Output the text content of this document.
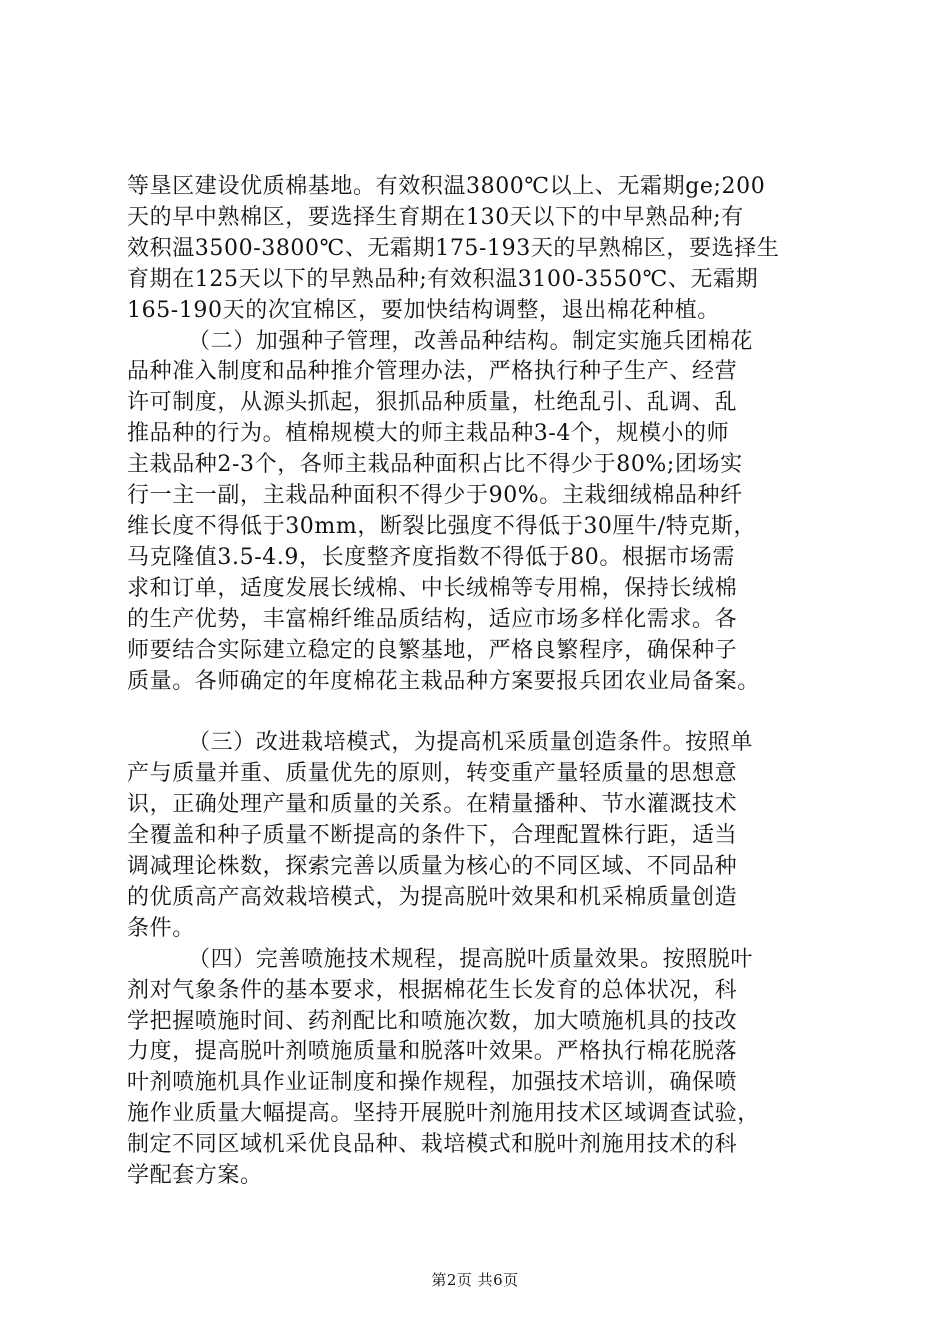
等垦区建设优质棉基地。有效积温3800℃以上、无霜期ge;200
天的早中熟棉区，要选择生育期在130天以下的中早熟品种;有
效积温3500-3800℃、无霜期175-193天的早熟棉区，要选择生
育期在125天以下的早熟品种;有效积温3100-3550℃、无霜期
165-190天的次宜棉区，要加快结构调整，退出棉花种植。
（二）加强种子管理，改善品种结构。制定实施兵团棉花
品种准入制度和品种推介管理办法，严格执行种子生产、经营
许可制度，从源头抓起，狠抓品种质量，杜绝乱引、乱调、乱
推品种的行为。植棉规模大的师主栽品种3-4个，规模小的师
主栽品种2-3个，各师主栽品种面积占比不得少于80%;团场实
行一主一副，主栽品种面积不得少于90%。主栽细绒棉品种纤
维长度不得低于30mm，断裂比强度不得低于30厘牛/特克斯，
马克隆值3.5-4.9，长度整齐度指数不得低于80。根据市场需
求和订单，适度发展长绒棉、中长绒棉等专用棉，保持长绒棉
的生产优势，丰富棉纤维品质结构，适应市场多样化需求。各
师要结合实际建立稳定的良繁基地，严格良繁程序，确保种子
质量。各师确定的年度棉花主栽品种方案要报兵团农业局备案。
（三）改进栽培模式，为提高机采质量创造条件。按照单
产与质量并重、质量优先的原则，转变重产量轻质量的思想意
识，正确处理产量和质量的关系。在精量播种、节水灌溉技术
全覆盖和种子质量不断提高的条件下，合理配置株行距，适当
调减理论株数，探索完善以质量为核心的不同区域、不同品种
的优质高产高效栽培模式，为提高脱叶效果和机采棉质量创造
条件。
（四）完善喷施技术规程，提高脱叶质量效果。按照脱叶
剂对气象条件的基本要求，根据棉花生长发育的总体状况，科
学把握喷施时间、药剂配比和喷施次数，加大喷施机具的技改
力度，提高脱叶剂喷施质量和脱落叶效果。严格执行棉花脱落
叶剂喷施机具作业证制度和操作规程，加强技术培训，确保喷
施作业质量大幅提高。坚持开展脱叶剂施用技术区域调查试验，
制定不同区域机采优良品种、栽培模式和脱叶剂施用技术的科
学配套方案。
第2页 共6页
